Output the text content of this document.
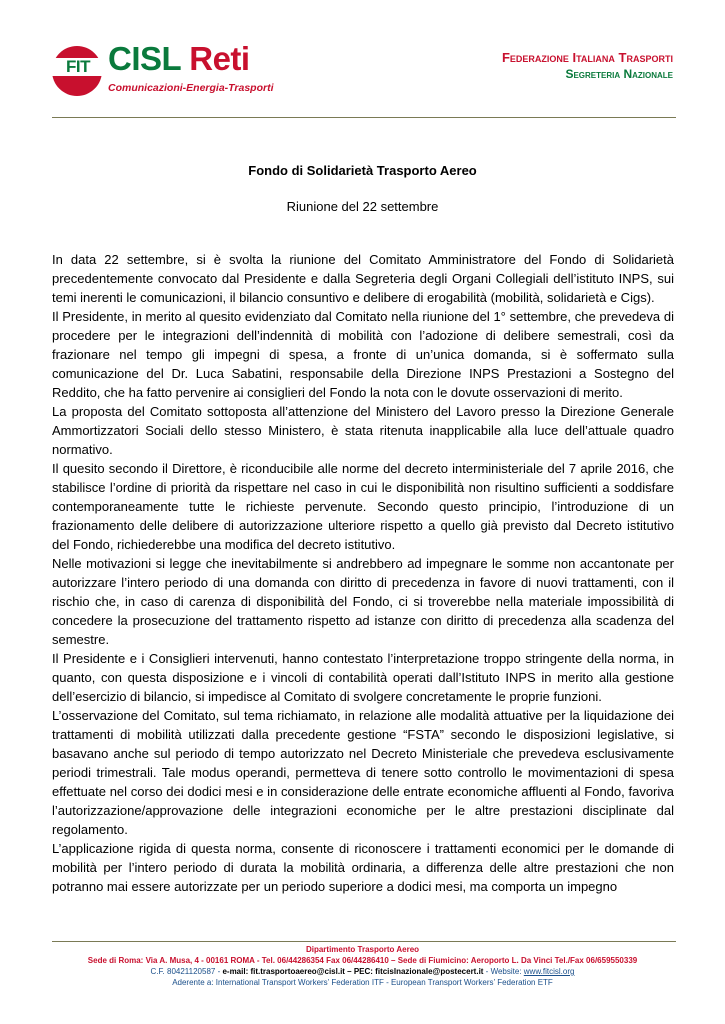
FIT CISL Reti
Comunicazioni-Energia-Trasporti
Federazione Italiana Trasporti
Segreteria Nazionale
Fondo di Solidarietà Trasporto Aereo
Riunione del 22 settembre

In data 22 settembre, si è svolta la riunione del Comitato Amministratore del Fondo di Solidarietà precedentemente convocato dal Presidente e dalla Segreteria degli Organi Collegiali dell’istituto INPS, sui temi inerenti le comunicazioni, il bilancio consuntivo e delibere di erogabilità (mobilità, solidarietà e Cigs).

Il Presidente, in merito al quesito evidenziato dal Comitato nella riunione del 1° settembre, che prevedeva di procedere per le integrazioni dell’indennità di mobilità con l’adozione di delibere semestrali, così da frazionare nel tempo gli impegni di spesa, a fronte di un’unica domanda, si è soffermato sulla comunicazione del Dr. Luca Sabatini, responsabile della Direzione INPS Prestazioni a Sostegno del Reddito, che ha fatto pervenire ai consiglieri del Fondo la nota con le dovute osservazioni di merito.

La proposta del Comitato sottoposta all’attenzione del Ministero del Lavoro presso la Direzione Generale Ammortizzatori Sociali dello stesso Ministero, è stata ritenuta inapplicabile alla luce dell’attuale quadro normativo.

Il quesito secondo il Direttore, è riconducibile alle norme del decreto interministeriale del 7 aprile 2016, che stabilisce l’ordine di priorità da rispettare nel caso in cui le disponibilità non risultino sufficienti a soddisfare contemporaneamente tutte le richieste pervenute. Secondo questo principio, l’introduzione di un frazionamento delle delibere di autorizzazione ulteriore rispetto a quello già previsto dal Decreto istitutivo del Fondo, richiederebbe una modifica del decreto istitutivo.

Nelle motivazioni si legge che inevitabilmente si andrebbero ad impegnare le somme non accantonate per autorizzare l’intero periodo di una domanda con diritto di precedenza in favore di nuovi trattamenti, con il rischio che, in caso di carenza di disponibilità del Fondo, ci si troverebbe nella materiale impossibilità di concedere la prosecuzione del trattamento rispetto ad istanze con diritto di precedenza alla scadenza del semestre.

Il Presidente e i Consiglieri intervenuti, hanno contestato l’interpretazione troppo stringente della norma, in quanto, con questa disposizione e i vincoli di contabilità operati dall’Istituto INPS in merito alla gestione dell’esercizio di bilancio, si impedisce al Comitato di svolgere concretamente le proprie funzioni.

L’osservazione del Comitato, sul tema richiamato, in relazione alle modalità attuative per la liquidazione dei trattamenti di mobilità utilizzati dalla precedente gestione “FSTA” secondo le disposizioni legislative, si basavano anche sul periodo di tempo autorizzato nel Decreto Ministeriale che prevedeva esclusivamente periodi trimestrali. Tale modus operandi, permetteva di tenere sotto controllo le movimentazioni di spesa effettuate nel corso dei dodici mesi e in considerazione delle entrate economiche affluenti al Fondo, favoriva l’autorizzazione/approvazione delle integrazioni economiche per le altre prestazioni disciplinate dal regolamento.

L’applicazione rigida di questa norma, consente di riconoscere i trattamenti economici per le domande di mobilità per l’intero periodo di durata la mobilità ordinaria, a differenza delle altre prestazioni che non potranno mai essere autorizzate per un periodo superiore a dodici mesi, ma comporta un impegno

Dipartimento Trasporto Aereo
Sede di Roma: Via A. Musa, 4 - 00161 ROMA - Tel. 06/44286354 Fax 06/44286410 – Sede di Fiumicino: Aeroporto L. Da Vinci Tel./Fax 06/659550339
C.F. 80421120587 - e-mail: fit.trasportoaereo@cisl.it – PEC: fitcislnazionale@postecert.it - Website: www.fitcisl.org
Aderente a: International Transport Workers’ Federation ITF - European Transport Workers’ Federation ETF
